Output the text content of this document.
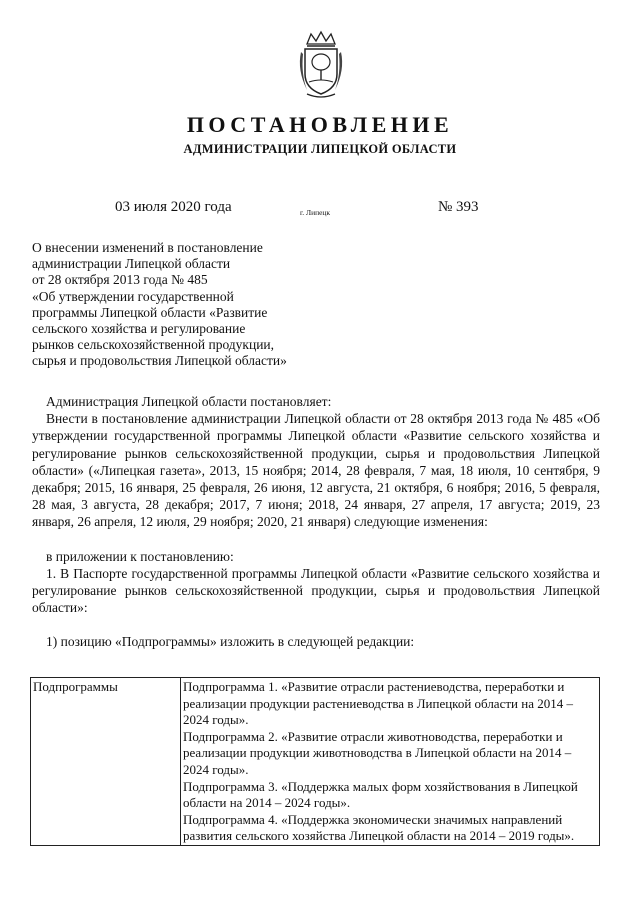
ПОСТАНОВЛЕНИЕ
АДМИНИСТРАЦИИ ЛИПЕЦКОЙ ОБЛАСТИ
03 июля 2020 года	г. Липецк	№ 393
О внесении изменений в постановление
администрации Липецкой области
от 28 октября 2013 года № 485
«Об утверждении государственной
программы Липецкой области «Развитие
сельского хозяйства и регулирование
рынков сельскохозяйственной продукции,
сырья и продовольствия Липецкой области»

Администрация Липецкой области постановляет:

Внести в постановление администрации Липецкой области от 28 октября 2013 года № 485 «Об утверждении государственной программы Липецкой области «Развитие сельского хозяйства и регулирование рынков сельскохозяйственной продукции, сырья и продовольствия Липецкой области» («Липецкая газета», 2013, 15 ноября; 2014, 28 февраля, 7 мая, 18 июля, 10 сентября, 9 декабря; 2015, 16 января, 25 февраля, 26 июня, 12 августа, 21 октября, 6 ноября; 2016, 5 февраля, 28 мая, 3 августа, 28 декабря; 2017, 7 июня; 2018, 24 января, 27 апреля, 17 августа; 2019, 23 января, 26 апреля, 12 июля, 29 ноября; 2020, 21 января) следующие изменения:

в приложении к постановлению:

1. В Паспорте государственной программы Липецкой области «Развитие сельского хозяйства и регулирование рынков сельскохозяйственной продукции, сырья и продовольствия Липецкой области»:

1) позицию «Подпрограммы» изложить в следующей редакции:

Подпрограммы	Подпрограмма 1. «Развитие отрасли растениеводства, переработки и реализации продукции растениеводства в Липецкой области на 2014 – 2024 годы».
Подпрограмма 2. «Развитие отрасли животноводства, переработки и реализации продукции животноводства в Липецкой области на 2014 – 2024 годы».
Подпрограмма 3. «Поддержка малых форм хозяйствования в Липецкой области на 2014 – 2024 годы».
Подпрограмма 4. «Поддержка экономически значимых направлений развития сельского хозяйства Липецкой области на 2014 – 2019 годы».
